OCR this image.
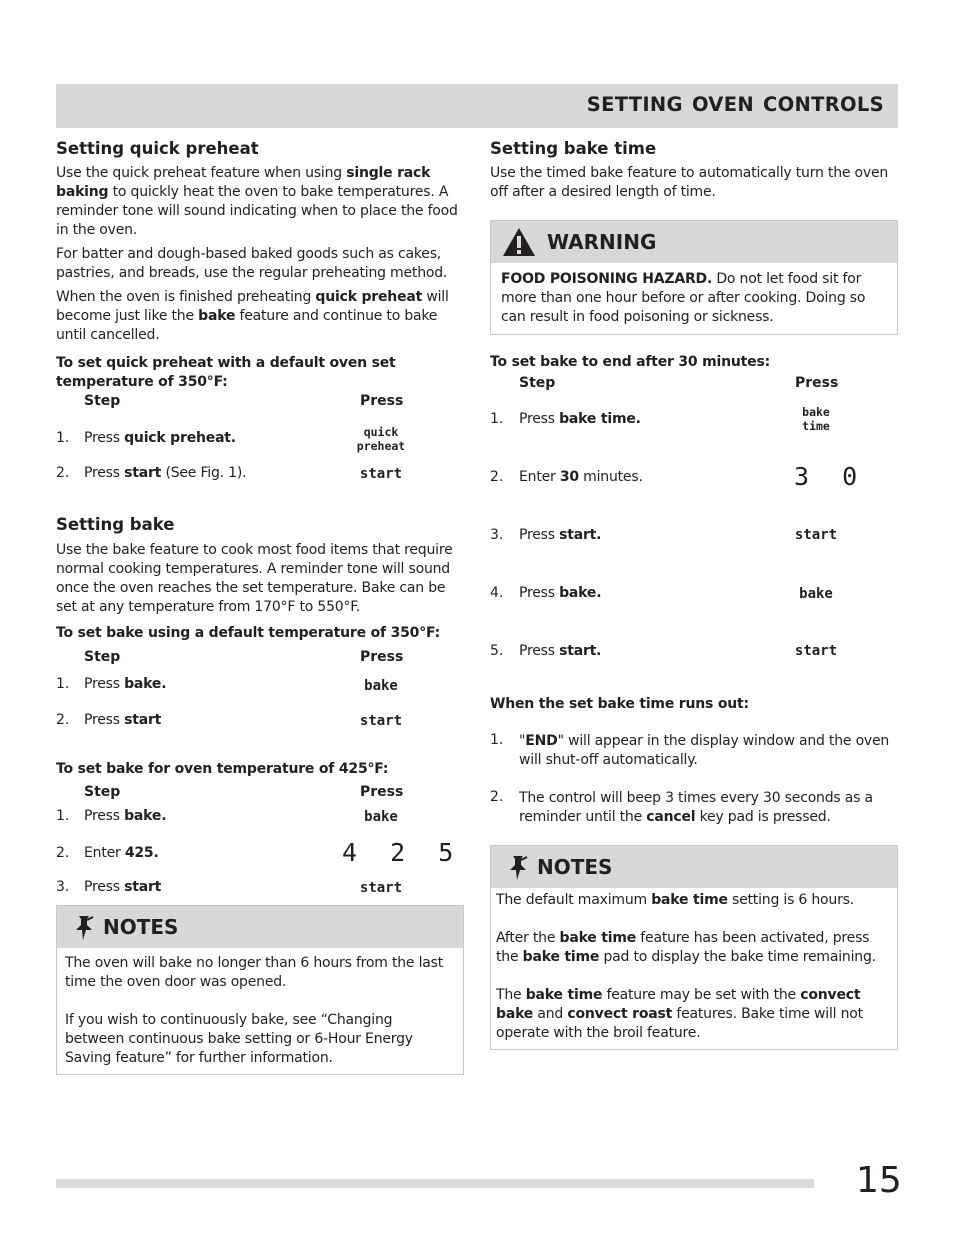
SETTING OVEN CONTROLS
Setting quick preheat
Use the quick preheat feature when using single rack baking to quickly heat the oven to bake temperatures. A reminder tone will sound indicating when to place the food in the oven.
For batter and dough-based baked goods such as cakes, pastries, and breads, use the regular preheating method.
When the oven is finished preheating quick preheat will become just like the bake feature and continue to bake until cancelled.
To set quick preheat with a default oven set temperature of 350°F:
Step	Press
1. Press quick preheat.	quick
preheat
2. Press start (See Fig. 1).	start
Setting bake
Use the bake feature to cook most food items that require normal cooking temperatures. A reminder tone will sound once the oven reaches the set temperature. Bake can be set at any temperature from 170°F to 550°F.
To set bake using a default temperature of 350°F:
Step	Press
1. Press bake.	bake
2. Press start	start
To set bake for oven temperature of 425°F:
Step	Press
1. Press bake.	bake
2. Enter 425.	4 2 5
3. Press start	start
NOTES

The oven will bake no longer than 6 hours from the last time the oven door was opened.

If you wish to continuously bake, see “Changing between continuous bake setting or 6-Hour Energy Saving feature” for further information.

Setting bake time
Use the timed bake feature to automatically turn the oven off after a desired length of time.
WARNING
FOOD POISONING HAZARD. Do not let food sit for more than one hour before or after cooking. Doing so can result in food poisoning or sickness.
To set bake to end after 30 minutes:
Step	Press
1. Press bake time.	bake
time
2. Enter 30 minutes.	3 0
3. Press start.	start
4. Press bake.	bake
5. Press start.	start
When the set bake time runs out:
1. "END" will appear in the display window and the oven will shut-off automatically.
2. The control will beep 3 times every 30 seconds as a reminder until the cancel key pad is pressed.
NOTES

The default maximum bake time setting is 6 hours.

After the bake time feature has been activated, press the bake time pad to display the bake time remaining.

The bake time feature may be set with the convect bake and convect roast features. Bake time will not operate with the broil feature.

15
